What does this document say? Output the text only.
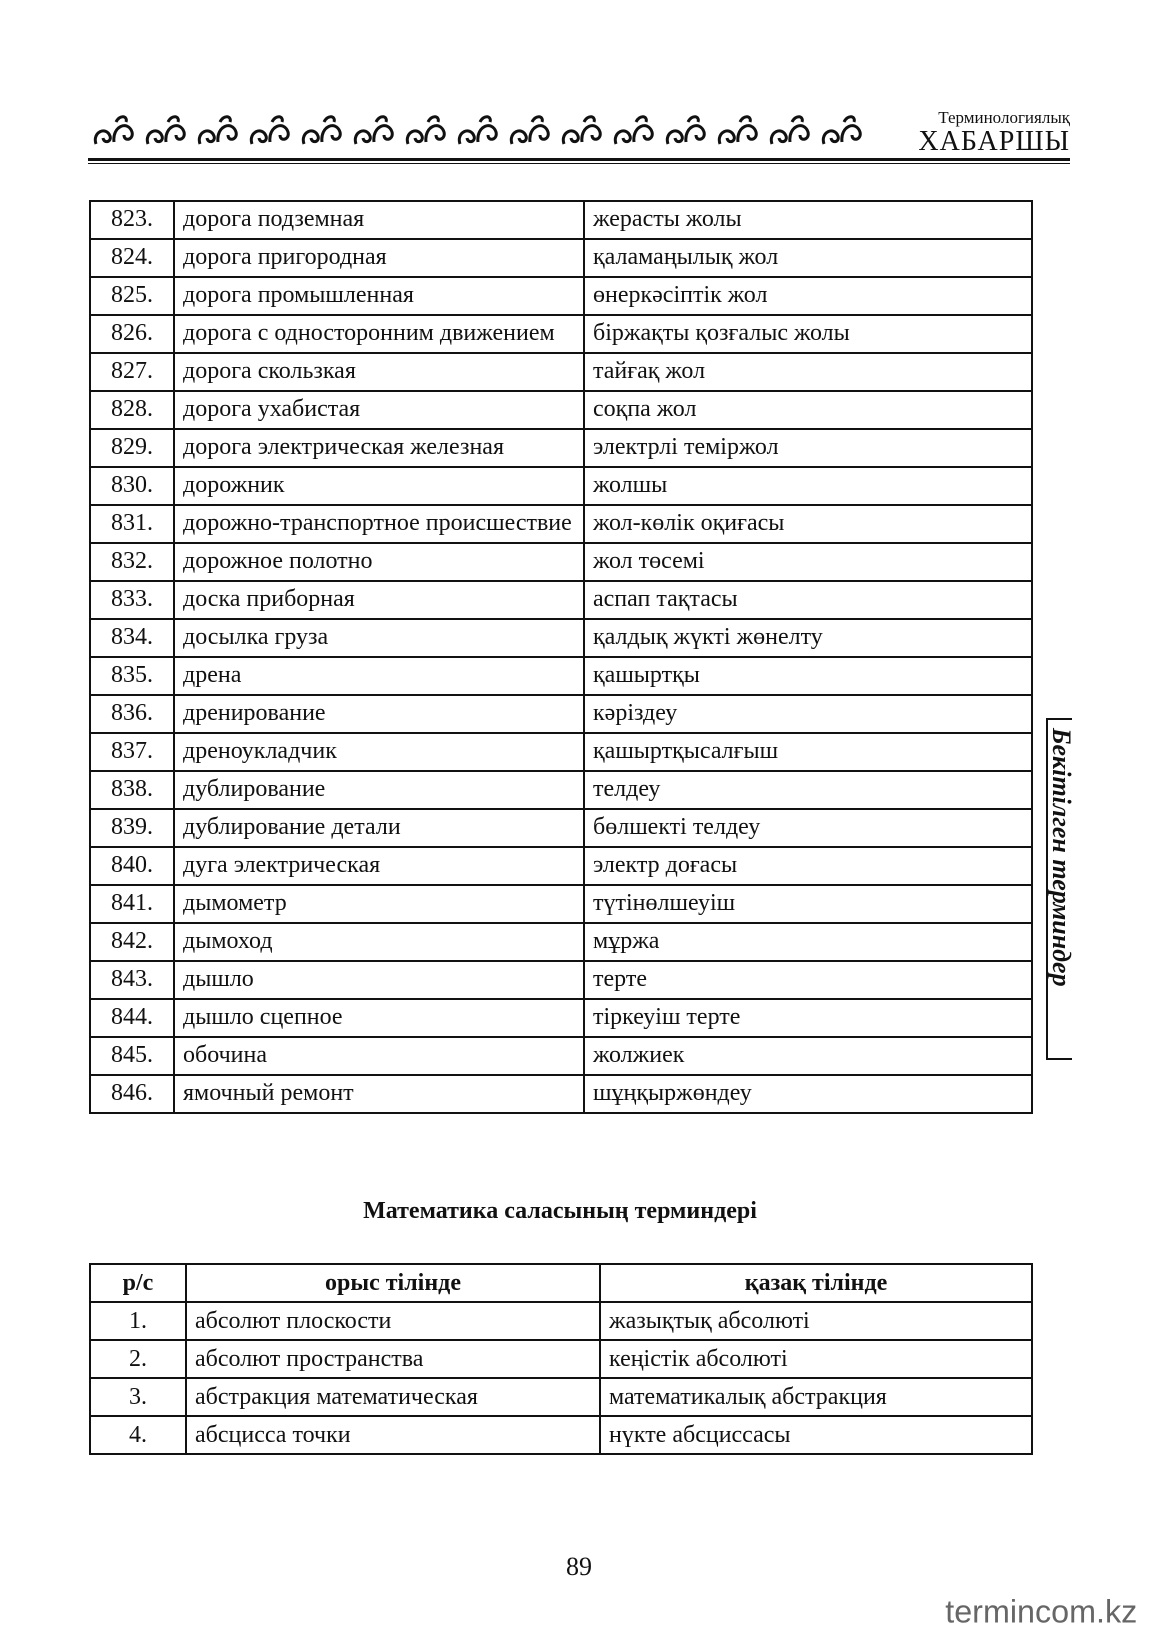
Терминологиялық
ХАБАРШЫ
823.	дорога подземная	жерасты жолы
824.	дорога пригородная	қаламаңылық жол
825.	дорога промышленная	өнеркәсіптік жол
826.	дорога с односторонним движением	біржақты қозғалыс жолы
827.	дорога скользкая	тайғақ жол
828.	дорога ухабистая	соқпа жол
829.	дорога электрическая железная	электрлі теміржол
830.	дорожник	жолшы
831.	дорожно-транспортное происшествие	жол-көлік оқиғасы
832.	дорожное полотно	жол төсемі
833.	доска приборная	аспап тақтасы
834.	досылка груза	қалдық жүкті жөнелту
835.	дрена	қашыртқы
836.	дренирование	кәріздеу
837.	дреноукладчик	қашыртқысалғыш
838.	дублирование	телдеу
839.	дублирование детали	бөлшекті телдеу
840.	дуга электрическая	электр доғасы
841.	дымометр	түтінөлшеуіш
842.	дымоход	мұржа
843.	дышло	терте
844.	дышло сцепное	тіркеуіш терте
845.	обочина	жолжиек
846.	ямочный ремонт	шұңқыржөндеу
Математика саласының терминдері
р/с	орыс тілінде	қазақ тілінде
1.	абсолют плоскости	жазықтық абсолюті
2.	абсолют пространства	кеңістік абсолюті
3.	абстракция математическая	математикалық абстракция
4.	абсцисса точки	нүкте абсциссасы
Бекітілген терминдер
89
termincom.kz
